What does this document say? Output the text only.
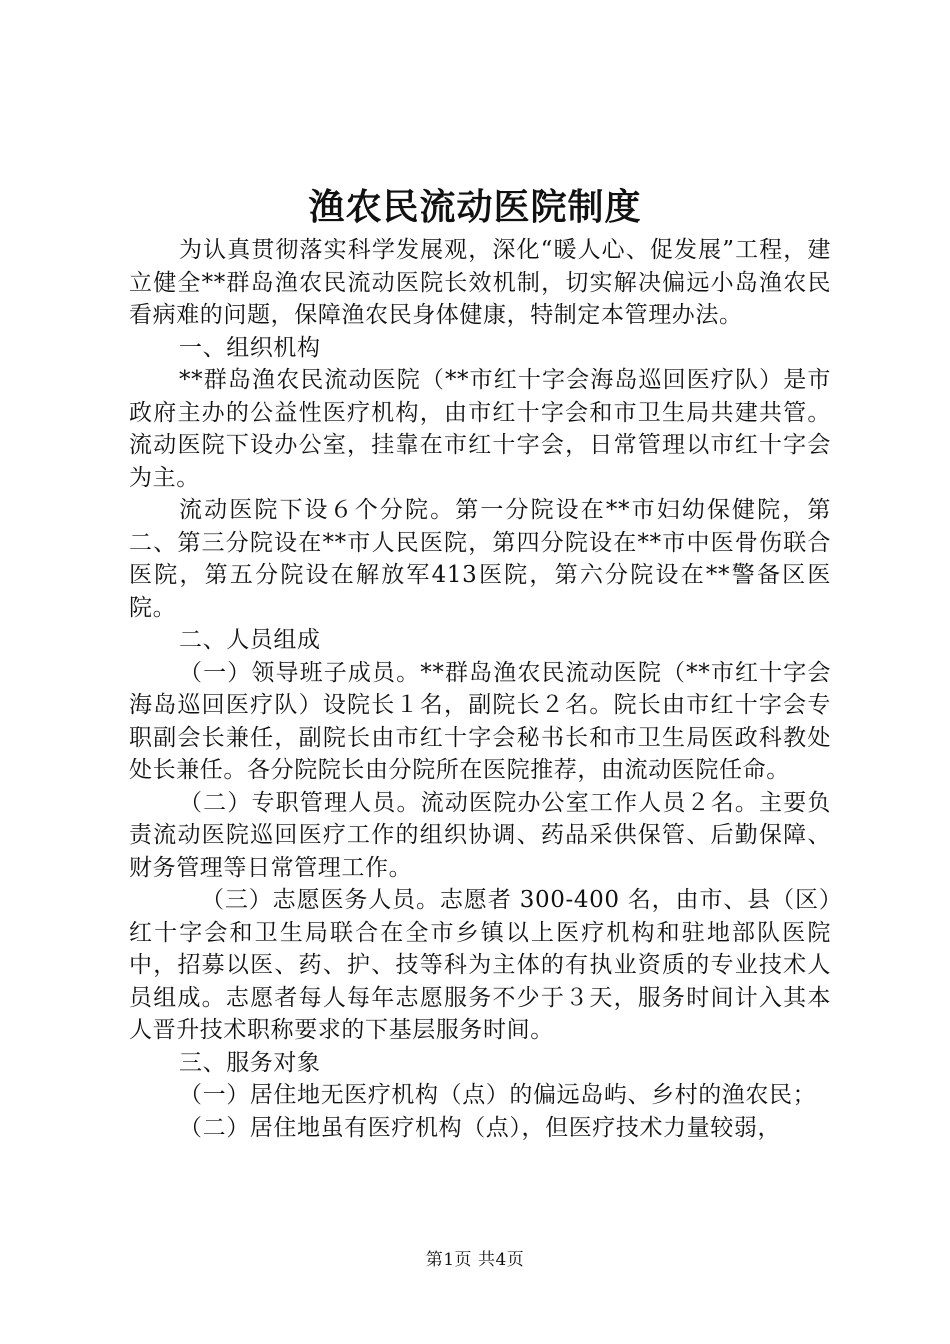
渔农民流动医院制度

为认真贯彻落实科学发展观，深化“暖人心、促发展”工程，建立健全**群岛渔农民流动医院长效机制，切实解决偏远小岛渔农民看病难的问题，保障渔农民身体健康，特制定本管理办法。

一、组织机构

**群岛渔农民流动医院（**市红十字会海岛巡回医疗队）是市政府主办的公益性医疗机构，由市红十字会和市卫生局共建共管。流动医院下设办公室，挂靠在市红十字会，日常管理以市红十字会为主。

流动医院下设６个分院。第一分院设在**市妇幼保健院，第二、第三分院设在**市人民医院，第四分院设在**市中医骨伤联合医院，第五分院设在解放军413医院，第六分院设在**警备区医院。

二、人员组成

（一）领导班子成员。**群岛渔农民流动医院（**市红十字会海岛巡回医疗队）设院长１名，副院长２名。院长由市红十字会专职副会长兼任，副院长由市红十字会秘书长和市卫生局医政科教处处长兼任。各分院院长由分院所在医院推荐，由流动医院任命。

（二）专职管理人员。流动医院办公室工作人员２名。主要负责流动医院巡回医疗工作的组织协调、药品采供保管、后勤保障、财务管理等日常管理工作。

（三）志愿医务人员。志愿者 300-400 名，由市、县（区）红十字会和卫生局联合在全市乡镇以上医疗机构和驻地部队医院中，招募以医、药、护、技等科为主体的有执业资质的专业技术人员组成。志愿者每人每年志愿服务不少于３天，服务时间计入其本人晋升技术职称要求的下基层服务时间。

三、服务对象

（一）居住地无医疗机构（点）的偏远岛屿、乡村的渔农民；

（二）居住地虽有医疗机构（点），但医疗技术力量较弱，

第1页 共4页
